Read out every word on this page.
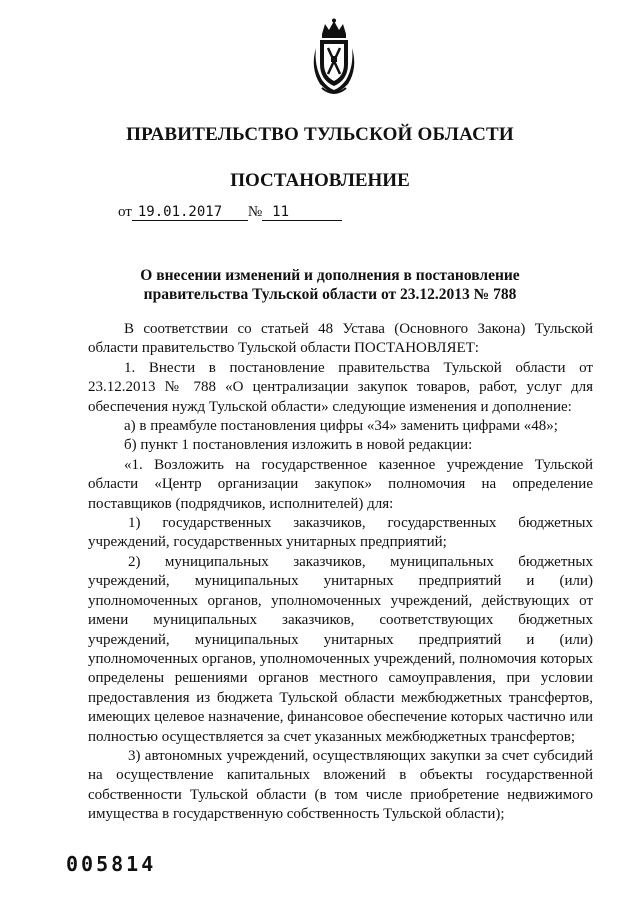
ПРАВИТЕЛЬСТВО ТУЛЬСКОЙ ОБЛАСТИ
ПОСТАНОВЛЕНИЕ
от 19.01.2017 № 11
О внесении изменений и дополнения в постановление
правительства Тульской области от 23.12.2013 № 788

В соответствии со статьей 48 Устава (Основного Закона) Тульской области правительство Тульской области ПОСТАНОВЛЯЕТ:

1. Внести в постановление правительства Тульской области от 23.12.2013 № 788 «О централизации закупок товаров, работ, услуг для обеспечения нужд Тульской области» следующие изменения и дополнение:

а) в преамбуле постановления цифры «34» заменить цифрами «48»;

б) пункт 1 постановления изложить в новой редакции:

«1. Возложить на государственное казенное учреждение Тульской области «Центр организации закупок» полномочия на определение поставщиков (подрядчиков, исполнителей) для:

1) государственных заказчиков, государственных бюджетных учреждений, государственных унитарных предприятий;

2) муниципальных заказчиков, муниципальных бюджетных учреждений, муниципальных унитарных предприятий и (или) уполномоченных органов, уполномоченных учреждений, действующих от имени муниципальных заказчиков, соответствующих бюджетных учреждений, муниципальных унитарных предприятий и (или) уполномоченных органов, уполномоченных учреждений, полномочия которых определены решениями органов местного самоуправления, при условии предоставления из бюджета Тульской области межбюджетных трансфертов, имеющих целевое назначение, финансовое обеспечение которых частично или полностью осуществляется за счет указанных межбюджетных трансфертов;

3) автономных учреждений, осуществляющих закупки за счет субсидий на осуществление капитальных вложений в объекты государственной собственности Тульской области (в том числе приобретение недвижимого имущества в государственную собственность Тульской области);

005814
